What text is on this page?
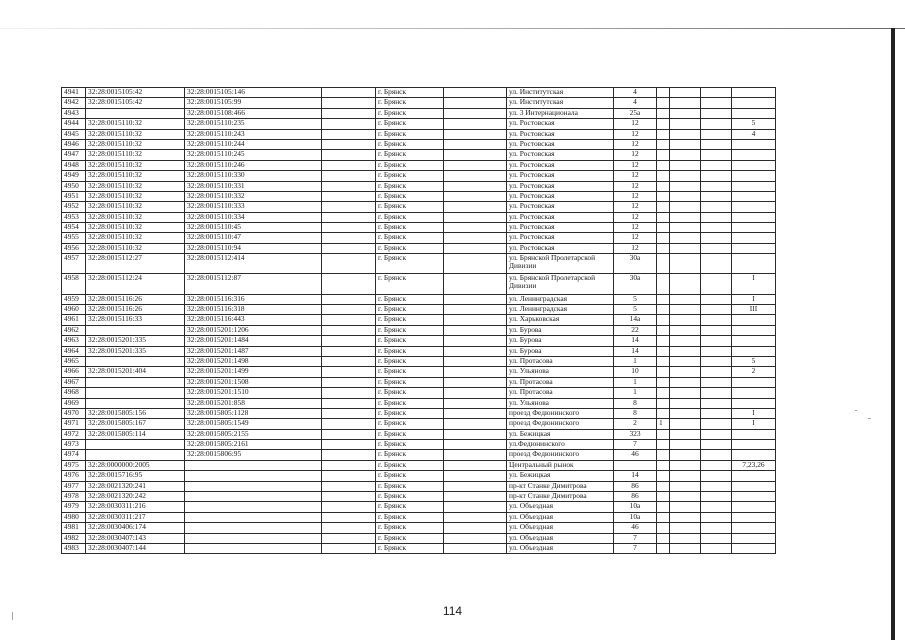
4941	32:28:0015105:42	32:28:0015105:146		г. Брянск		ул. Институтская	4				
4942	32:28:0015105:42	32:28:0015105:99		г. Брянск		ул. Институтская	4				
4943		32:28:0015108:466		г. Брянск		ул. 3 Интернационала	25а				
4944	32:28:0015110:32	32:28:0015110:235		г. Брянск		ул. Ростовская	12				5
4945	32:28:0015110:32	32:28:0015110:243		г. Брянск		ул. Ростовская	12				4
4946	32:28:0015110:32	32:28:0015110:244		г. Брянск		ул. Ростовская	12				
4947	32:28:0015110:32	32:28:0015110:245		г. Брянск		ул. Ростовская	12				
4948	32:28:0015110:32	32:28:0015110:246		г. Брянск		ул. Ростовская	12				
4949	32:28:0015110:32	32:28:0015110:330		г. Брянск		ул. Ростовская	12				
4950	32:28:0015110:32	32:28:0015110:331		г. Брянск		ул. Ростовская	12				
4951	32:28:0015110:32	32:28:0015110:332		г. Брянск		ул. Ростовская	12				
4952	32:28:0015110:32	32:28:0015110:333		г. Брянск		ул. Ростовская	12				
4953	32:28:0015110:32	32:28:0015110:334		г. Брянск		ул. Ростовская	12				
4954	32:28:0015110:32	32:28:0015110:45		г. Брянск		ул. Ростовская	12				
4955	32:28:0015110:32	32:28:0015110:47		г. Брянск		ул. Ростовская	12				
4956	32:28:0015110:32	32:28:0015110:94		г. Брянск		ул. Ростовская	12				
4957	32:28:0015112:27	32:28:0015112:414		г. Брянск		ул. Брянской Пролетарской Дивизии	30а				
4958	32:28:0015112:24	32:28:0015112:87		г. Брянск		ул. Брянской Пролетарской Дивизии	30а				I
4959	32:28:0015116:26	32:28:0015116:316		г. Брянск		ул. Ленинградская	5				I
4960	32:28:0015116:26	32:28:0015116:318		г. Брянск		ул. Ленинградская	5				III
4961	32:28:0015116:33	32:28:0015116:443		г. Брянск		ул. Харьковская	14а				
4962		32:28:0015201:1206		г. Брянск		ул. Бурова	22				
4963	32:28:0015201:335	32:28:0015201:1484		г. Брянск		ул. Бурова	14				
4964	32:28:0015201:335	32:28:0015201:1487		г. Брянск		ул. Бурова	14				
4965		32:28:0015201:1498		г. Брянск		ул. Протасова	1				5
4966	32:28:0015201:404	32:28:0015201:1499		г. Брянск		ул. Ульянова	10				2
4967		32:28:0015201:1508		г. Брянск		ул. Протасова	1				
4968		32:28:0015201:1510		г. Брянск		ул. Протасова	1				
4969		32:28:0015201:858		г. Брянск		ул. Ульянова	8				
4970	32:28:0015805:156	32:28:0015805:1128		г. Брянск		проезд Федюнинского	8				I
4971	32:28:0015805:167	32:28:0015805:1549		г. Брянск		проезд Федюнинского	2	1			I
4972	32:28:0015805:114	32:28:0015805:2155		г. Брянск		ул. Бежицкая	323				
4973		32:28:0015805:2161		г. Брянск		ул.Федюнинского	7				
4974		32:28:0015806:95		г. Брянск		проезд Федюнинского	46				
4975	32:28:0000000:2005			г. Брянск		Центральный рынок					7,23,26
4976	32:28:0015716:95			г. Брянск		ул. Бежицкая	14				
4977	32:28:0021320:241			г. Брянск		пр-кт Станке Димитрова	86				
4978	32:28:0021320:242			г. Брянск		пр-кт Станке Димитрова	86				
4979	32:28:0030311:216			г. Брянск		ул. Объездная	10а				
4980	32:28:0030311:217			г. Брянск		ул. Объездная	10а				
4981	32:28:0030406:174			г. Брянск		ул. Объездная	46				
4982	32:28:0030407:143			г. Брянск		ул. Объездная	7				
4983	32:28:0030407:144			г. Брянск		ул. Объездная	7				
114
